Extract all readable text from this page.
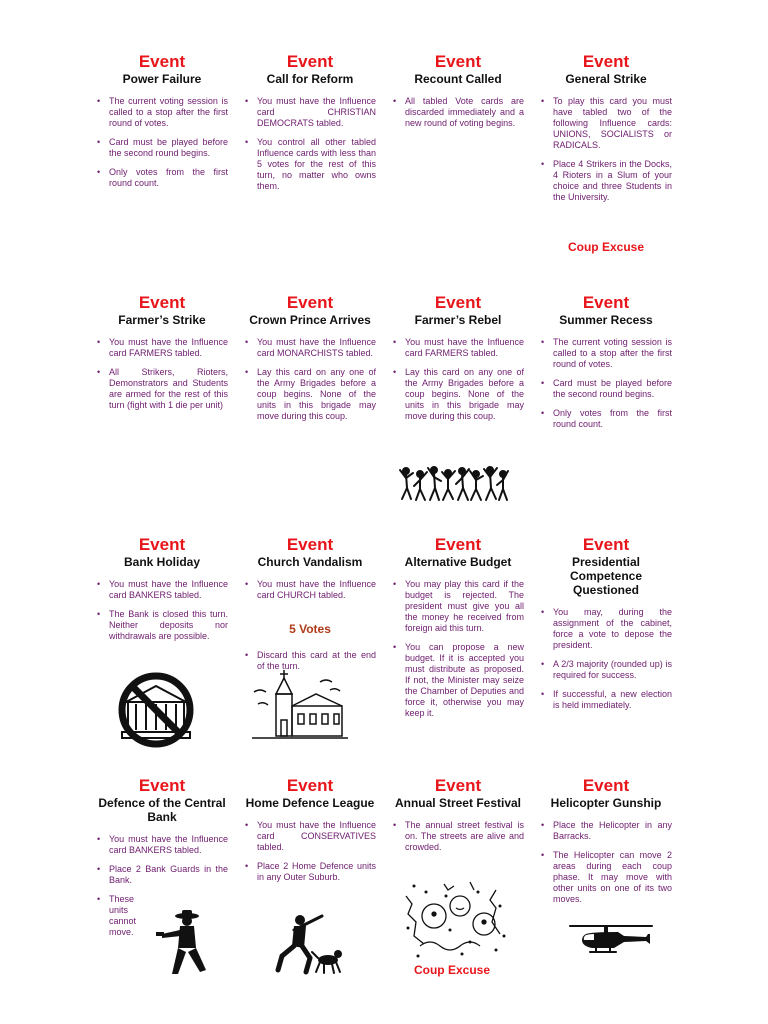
Event
Power Failure
• The current voting session is called to a stop after the first round of votes.
• Card must be played before the second round begins.
• Only votes from the first round count.
Event
Call for Reform
• You must have the Influence card CHRISTIAN DEMOCRATS tabled.
• You control all other tabled Influence cards with less than 5 votes for the rest of this turn, no matter who owns them.
Event
Recount Called
• All tabled Vote cards are discarded immediately and a new round of voting begins.
Event
General Strike
• To play this card you must have tabled two of the following Influence cards: UNIONS, SOCIALISTS or RADICALS.
• Place 4 Strikers in the Docks, 4 Rioters in a Slum of your choice and three Students in the University.
Coup Excuse
Event
Farmer’s Strike
• You must have the Influence card FARMERS tabled.
• All Strikers, Rioters, Demonstrators and Students are armed for the rest of this turn (fight with 1 die per unit)
Event
Crown Prince Arrives
• You must have the Influence card MONARCHISTS tabled.
• Lay this card on any one of the Army Brigades before a coup begins. None of the units in this brigade may move during this coup.
Event
Farmer’s Rebel
• You must have the Influence card FARMERS tabled.
• Lay this card on any one of the Army Brigades before a coup begins. None of the units in this brigade may move during this coup.
Event
Summer Recess
• The current voting session is called to a stop after the first round of votes.
• Card must be played before the second round begins.
• Only votes from the first round count.
Event
Bank Holiday
• You must have the Influence card BANKERS tabled.
• The Bank is closed this turn. Neither deposits nor withdrawals are possible.
Event
Church Vandalism
• You must have the Influence card CHURCH tabled.
5 Votes
• Discard this card at the end of the turn.
Event
Alternative Budget
• You may play this card if the budget is rejected. The president must give you all the money he received from foreign aid this turn.
• You can propose a new budget. If it is accepted you must distribute as proposed. If not, the Minister may seize the Chamber of Deputies and force it, otherwise you may keep it.
Event
Presidential Competence Questioned
• You may, during the assignment of the cabinet, force a vote to depose the president.
• A 2/3 majority (rounded up) is required for success.
• If successful, a new election is held immediately.
Event
Defence of the Central Bank
• You must have the Influence card BANKERS tabled.
• Place 2 Bank Guards in the Bank.
• These units cannot move.
Event
Home Defence League
• You must have the Influence card CONSERVATIVES tabled.
• Place 2 Home Defence units in any Outer Suburb.
Event
Annual Street Festival
• The annual street festival is on. The streets are alive and crowded.
Coup Excuse
Event
Helicopter Gunship
• Place the Helicopter in any Barracks.
• The Helicopter can move 2 areas during each coup phase. It may move with other units on one of its two moves.
